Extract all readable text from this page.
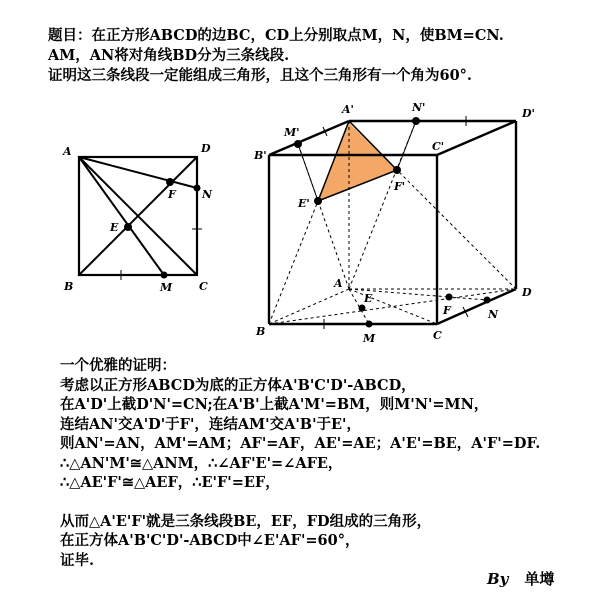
题目：在正方形ABCD的边BC，CD上分别取点M，N，使BM=CN.
AM，AN将对角线BD分为三条线段.
证明这三条线段一定能组成三角形，且这个三角形有一个角为60°.
A	D
B	C
E
F N
M
A'	N'	D'
M'
B'
C'
F'
E'
A
E	D
F	N
B
M	C
一个优雅的证明：
考虑以正方形ABCD为底的正方体A'B'C'D'-ABCD，
在A'D'上截D'N'=CN;在A'B'上截A'M'=BM，则M'N'=MN，
连结AN'交A'D'于F'，连结AM'交A'B'于E'，
则AN'=AN，AM'=AM；AF'=AF，AE'=AE；A'E'=BE，A'F'=DF.
∴△AN'M'≅△ANM，∴∠AF'E'=∠AFE，
∴△AE'F'≅△AEF，∴E'F'=EF，
从而△A'E'F'就是三条线段BE，EF，FD组成的三角形，
在正方体A'B'C'D'-ABCD中∠E'AF'=60°，
证毕.
By 单墫
